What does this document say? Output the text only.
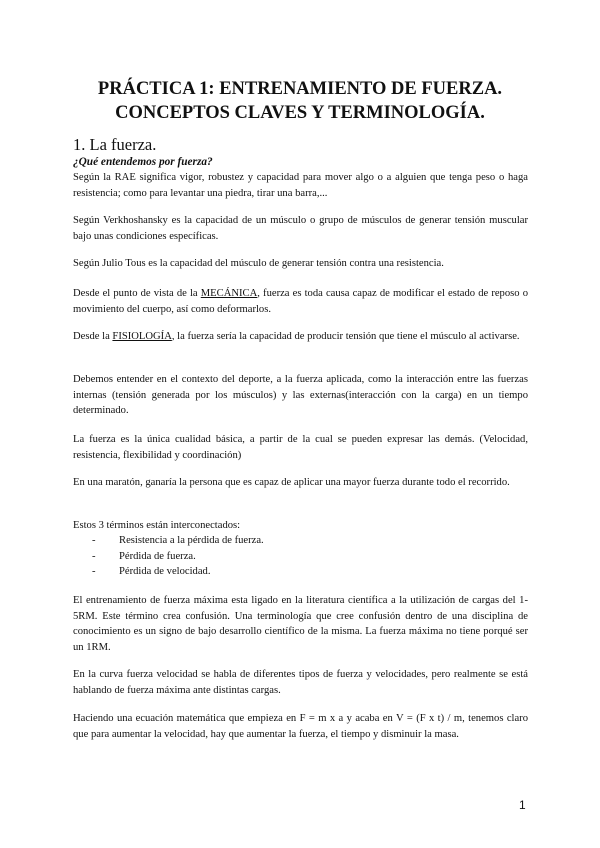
PRÁCTICA 1: ENTRENAMIENTO DE FUERZA.
CONCEPTOS CLAVES Y TERMINOLOGÍA.
1. La fuerza.
¿Qué entendemos por fuerza?
Según la RAE significa vigor, robustez y capacidad para mover algo o a alguien que tenga peso o haga resistencia; como para levantar una piedra, tirar una barra,...
Según Verkhoshansky es la capacidad de un músculo o grupo de músculos de generar tensión muscular bajo unas condiciones específicas.
Según Julio Tous es la capacidad del músculo de generar tensión contra una resistencia.
Desde el punto de vista de la MECÁNICA, fuerza es toda causa capaz de modificar el estado de reposo o movimiento del cuerpo, así como deformarlos.
Desde la FISIOLOGÍA, la fuerza sería la capacidad de producir tensión que tiene el músculo al activarse.
Debemos entender en el contexto del deporte, a la fuerza aplicada, como la interacción entre las fuerzas internas (tensión generada por los músculos) y las externas(interacción con la carga) en un tiempo determinado.
La fuerza es la única cualidad básica, a partir de la cual se pueden expresar las demás. (Velocidad, resistencia, flexibilidad y coordinación)
En una maratón, ganaría la persona que es capaz de aplicar una mayor fuerza durante todo el recorrido.
Estos 3 términos están interconectados:
- Resistencia a la pérdida de fuerza.
- Pérdida de fuerza.
- Pérdida de velocidad.
El entrenamiento de fuerza máxima esta ligado en la literatura científica a la utilización de cargas del 1-5RM. Este término crea confusión. Una terminología que cree confusión dentro de una disciplina de conocimiento es un signo de bajo desarrollo científico de la misma. La fuerza máxima no tiene porqué ser un 1RM.
En la curva fuerza velocidad se habla de diferentes tipos de fuerza y velocidades, pero realmente se está hablando de fuerza máxima ante distintas cargas.
Haciendo una ecuación matemática que empieza en F = m x a y acaba en V = (F x t) / m, tenemos claro que para aumentar la velocidad, hay que aumentar la fuerza, el tiempo y disminuir la masa.
1
